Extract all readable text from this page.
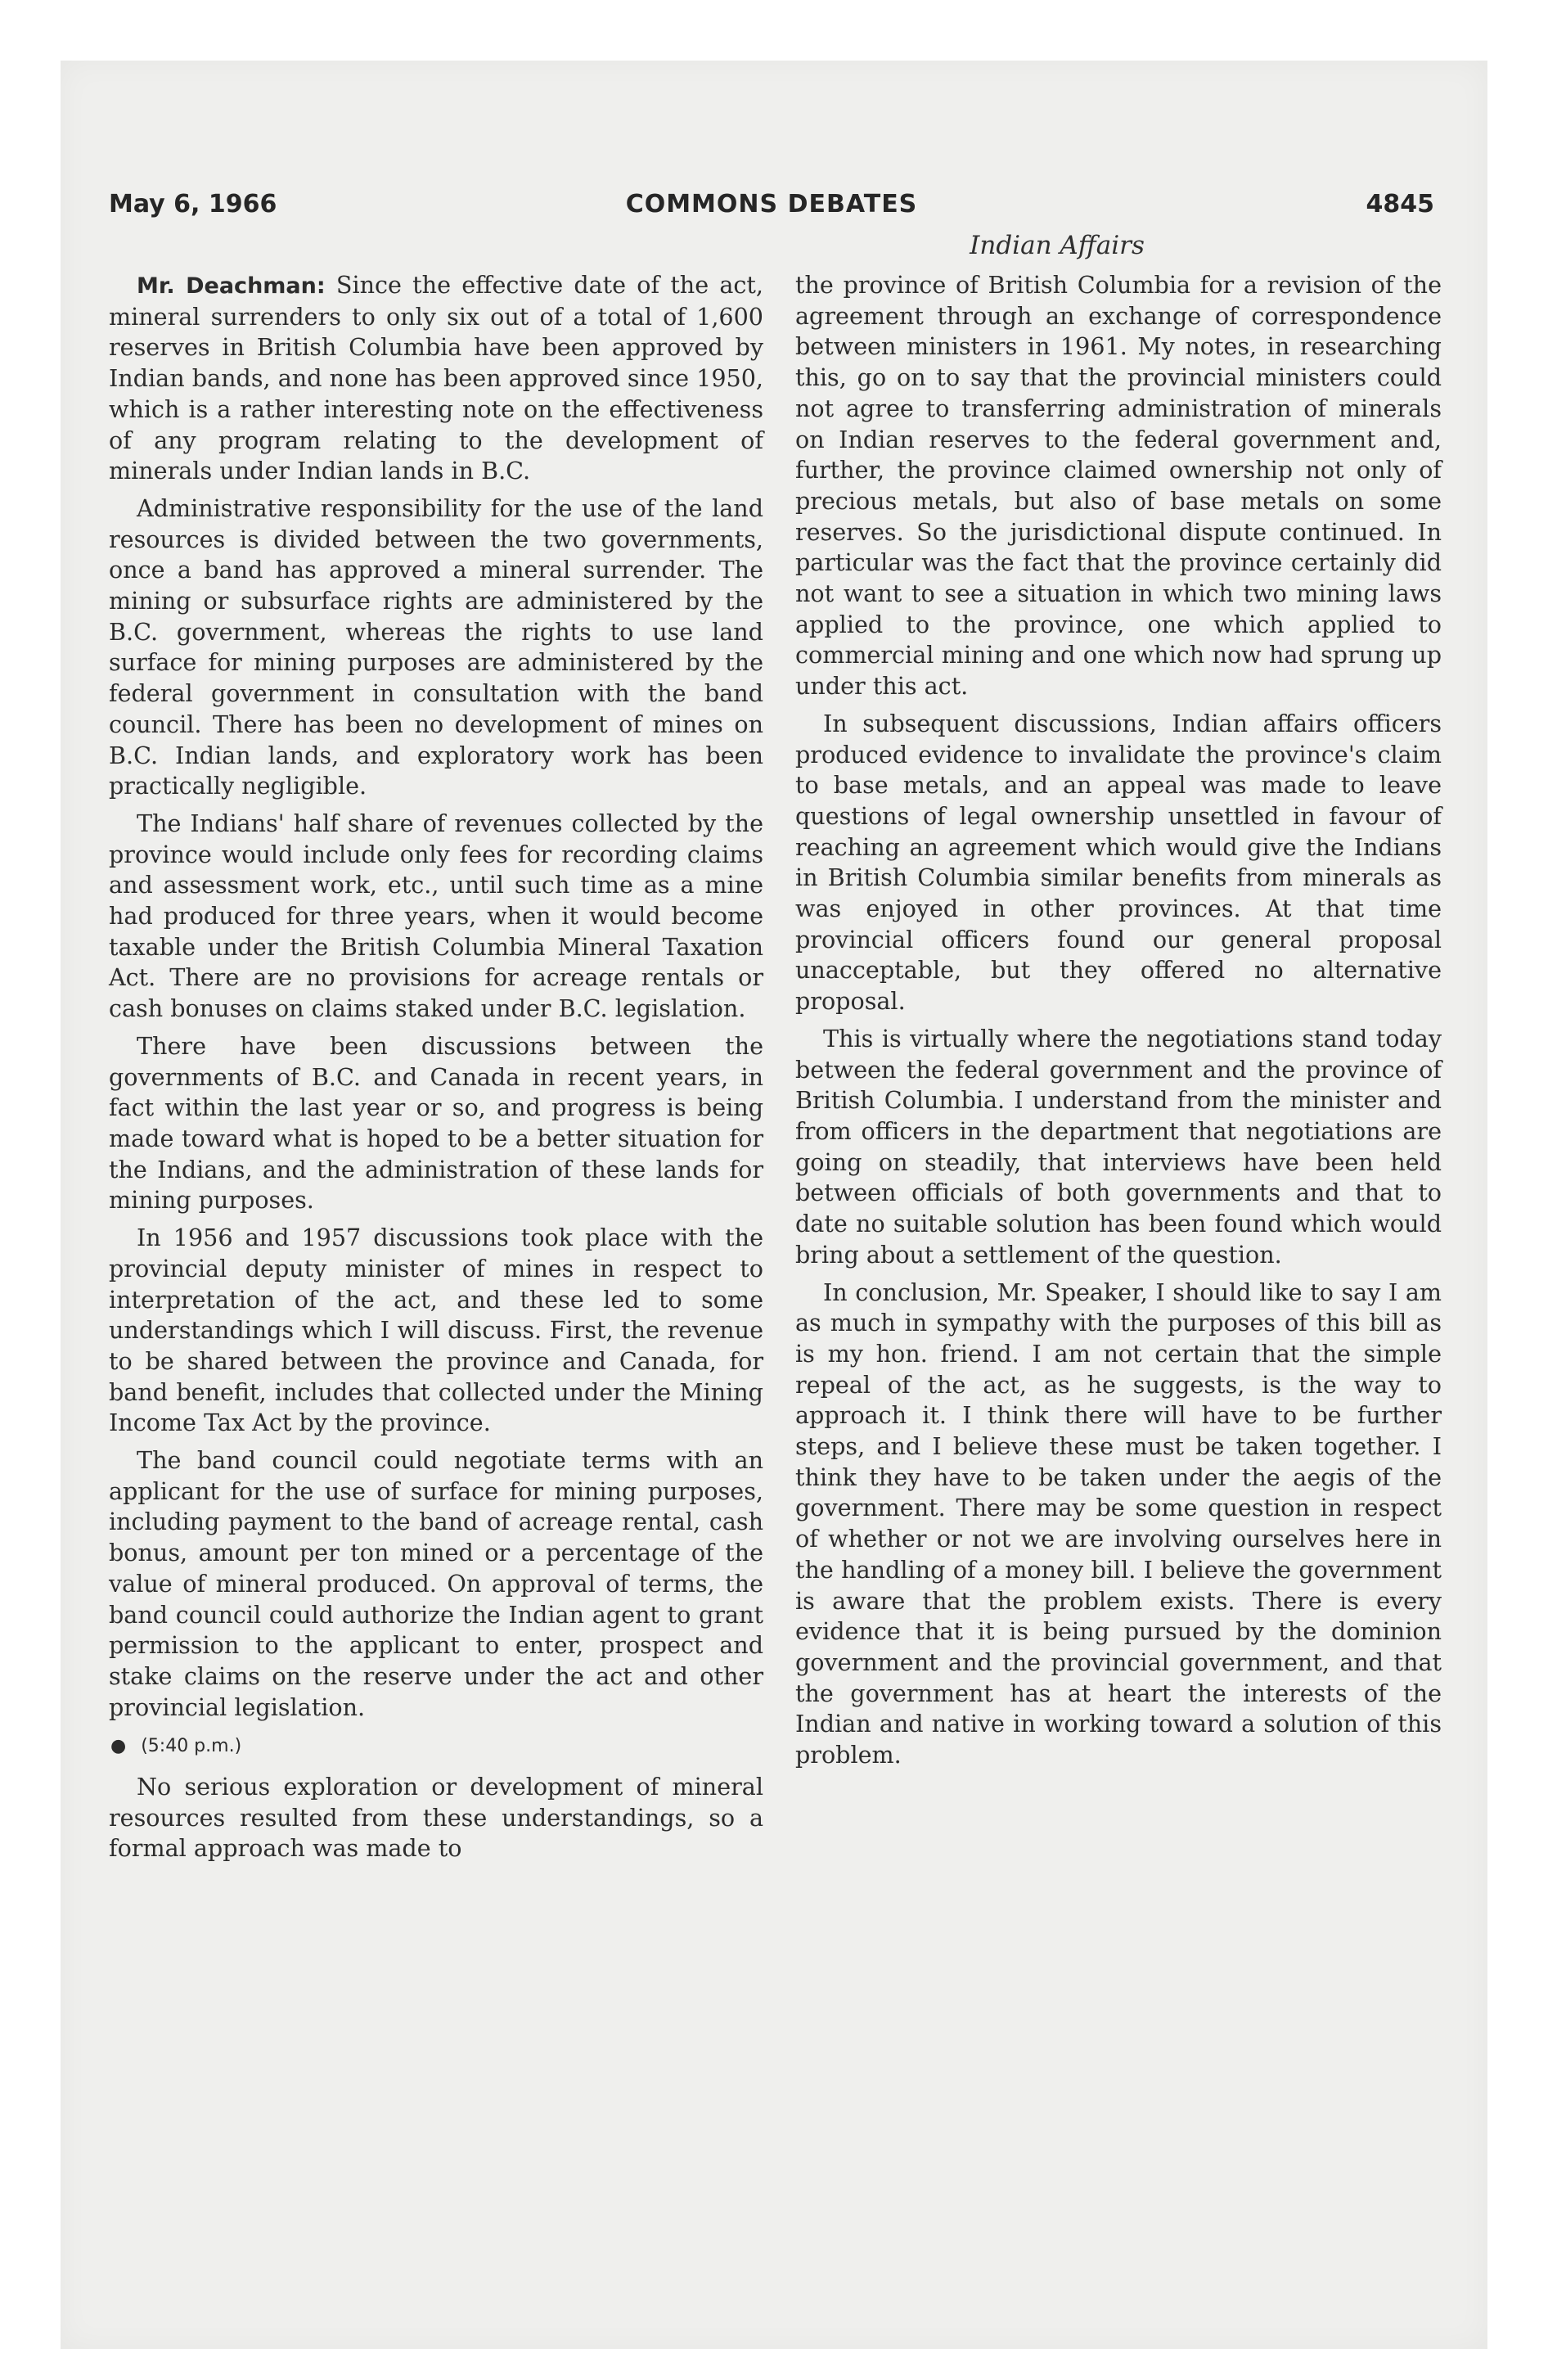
May 6, 1966	COMMONS DEBATES	4845
Indian Affairs

Mr. Deachman: Since the effective date of the act, mineral surrenders to only six out of a total of 1,600 reserves in British Columbia have been approved by Indian bands, and none has been approved since 1950, which is a rather interesting note on the effectiveness of any program relating to the development of minerals under Indian lands in B.C.

Administrative responsibility for the use of the land resources is divided between the two governments, once a band has approved a mineral surrender. The mining or subsurface rights are administered by the B.C. government, whereas the rights to use land surface for mining purposes are administered by the federal government in consultation with the band council. There has been no development of mines on B.C. Indian lands, and exploratory work has been practically negligible.

The Indians' half share of revenues collected by the province would include only fees for recording claims and assessment work, etc., until such time as a mine had produced for three years, when it would become taxable under the British Columbia Mineral Taxation Act. There are no provisions for acreage rentals or cash bonuses on claims staked under B.C. legislation.

There have been discussions between the governments of B.C. and Canada in recent years, in fact within the last year or so, and progress is being made toward what is hoped to be a better situation for the Indians, and the administration of these lands for mining purposes.

In 1956 and 1957 discussions took place with the provincial deputy minister of mines in respect to interpretation of the act, and these led to some understandings which I will discuss. First, the revenue to be shared between the province and Canada, for band benefit, includes that collected under the Mining Income Tax Act by the province.

The band council could negotiate terms with an applicant for the use of surface for mining purposes, including payment to the band of acreage rental, cash bonus, amount per ton mined or a percentage of the value of mineral produced. On approval of terms, the band council could authorize the Indian agent to grant permission to the applicant to enter, prospect and stake claims on the reserve under the act and other provincial legislation.

● (5:40 p.m.)

No serious exploration or development of mineral resources resulted from these understandings, so a formal approach was made to

the province of British Columbia for a revision of the agreement through an exchange of correspondence between ministers in 1961. My notes, in researching this, go on to say that the provincial ministers could not agree to transferring administration of minerals on Indian reserves to the federal government and, further, the province claimed ownership not only of precious metals, but also of base metals on some reserves. So the jurisdictional dispute continued. In particular was the fact that the province certainly did not want to see a situation in which two mining laws applied to the province, one which applied to commercial mining and one which now had sprung up under this act.

In subsequent discussions, Indian affairs officers produced evidence to invalidate the province's claim to base metals, and an appeal was made to leave questions of legal ownership unsettled in favour of reaching an agreement which would give the Indians in British Columbia similar benefits from minerals as was enjoyed in other provinces. At that time provincial officers found our general proposal unacceptable, but they offered no alternative proposal.

This is virtually where the negotiations stand today between the federal government and the province of British Columbia. I understand from the minister and from officers in the department that negotiations are going on steadily, that interviews have been held between officials of both governments and that to date no suitable solution has been found which would bring about a settlement of the question.

In conclusion, Mr. Speaker, I should like to say I am as much in sympathy with the purposes of this bill as is my hon. friend. I am not certain that the simple repeal of the act, as he suggests, is the way to approach it. I think there will have to be further steps, and I believe these must be taken together. I think they have to be taken under the aegis of the government. There may be some question in respect of whether or not we are involving ourselves here in the handling of a money bill. I believe the government is aware that the problem exists. There is every evidence that it is being pursued by the dominion government and the provincial government, and that the government has at heart the interests of the Indian and native in working toward a solution of this problem.
